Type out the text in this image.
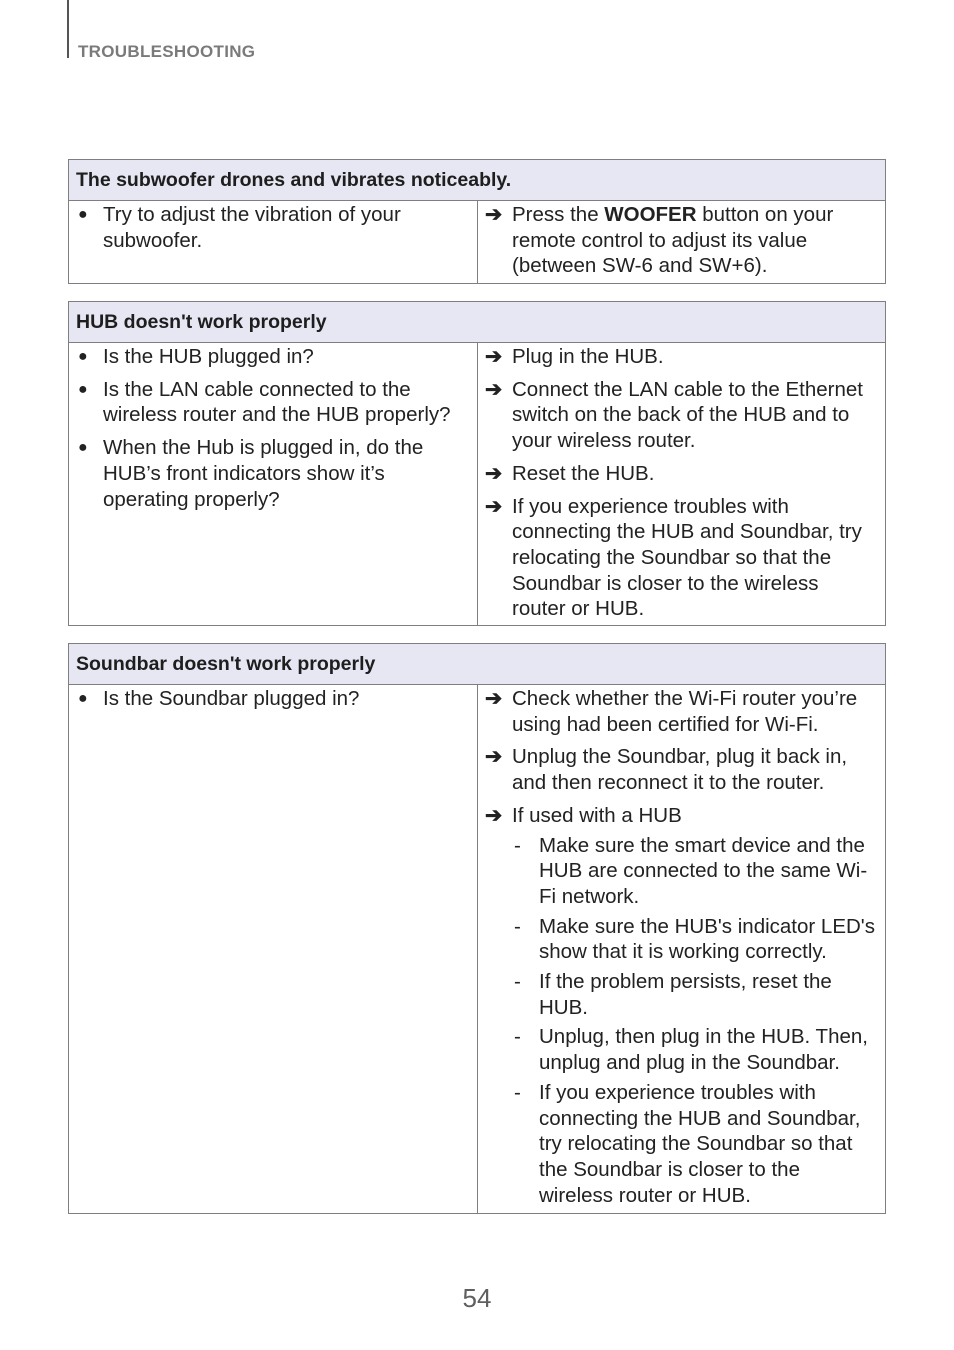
TROUBLESHOOTING
The subwoofer drones and vibrates noticeably.
● Try to adjust the vibration of your subwoofer.
➔ Press the WOOFER button on your remote control to adjust its value (between SW-6 and SW+6).
HUB doesn't work properly
● Is the HUB plugged in?
● Is the LAN cable connected to the wireless router and the HUB properly?
● When the Hub is plugged in, do the HUB’s front indicators show it’s operating properly?
➔ Plug in the HUB.
➔ Connect the LAN cable to the Ethernet switch on the back of the HUB and to your wireless router.
➔ Reset the HUB.
➔ If you experience troubles with connecting the HUB and Soundbar, try relocating the Soundbar so that the Soundbar is closer to the wireless router or HUB.
Soundbar doesn't work properly
● Is the Soundbar plugged in?	➔ Check whether the Wi-Fi router you’re using had been certified for Wi-Fi.
➔ Unplug the Soundbar, plug it back in, and then reconnect it to the router.
➔ If used with a HUB
- Make sure the smart device and the HUB are connected to the same Wi-Fi network.
- Make sure the HUB's indicator LED's show that it is working correctly.
- If the problem persists, reset the HUB.
- Unplug, then plug in the HUB. Then, unplug and plug in the Soundbar.
- If you experience troubles with connecting the HUB and Soundbar, try relocating the Soundbar so that the Soundbar is closer to the wireless router or HUB.
54
